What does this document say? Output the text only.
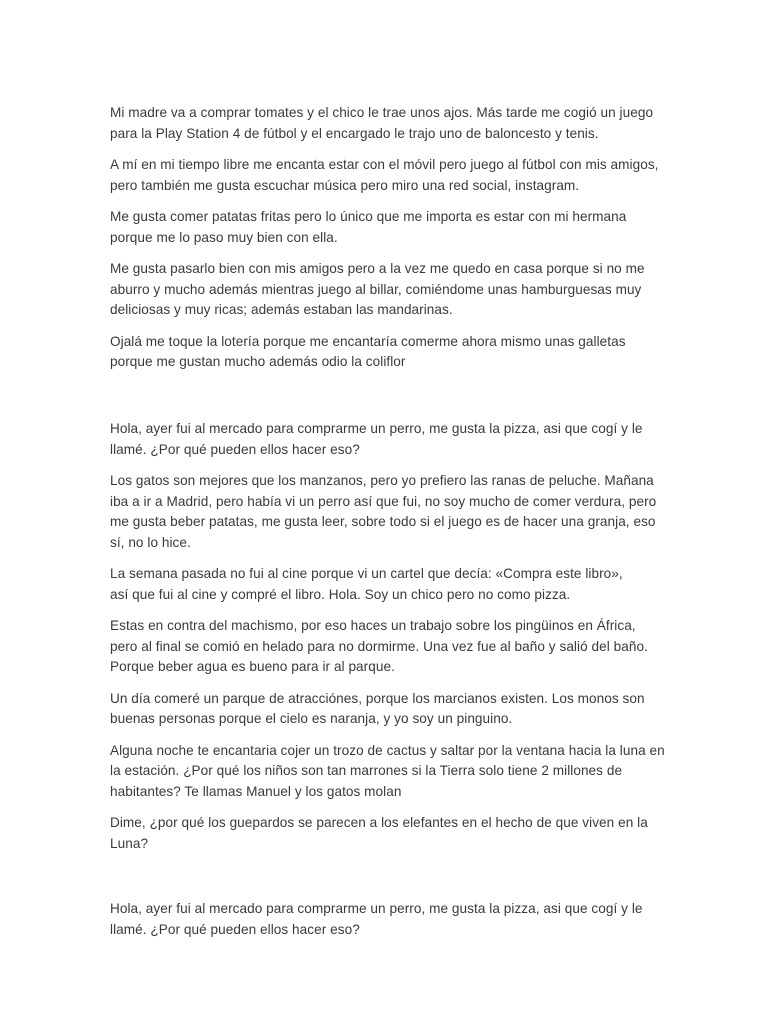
Mi madre va a comprar tomates y el chico le trae unos ajos. Más tarde me cogió un juego
para la Play Station 4 de fútbol y el encargado le trajo uno de baloncesto y tenis.

A mí en mi tiempo libre me encanta estar con el móvil pero juego al fútbol con mis amigos,
pero también me gusta escuchar música pero miro una red social, instagram.

Me gusta comer patatas fritas pero lo único que me importa es estar con mi hermana
porque me lo paso muy bien con ella.

Me gusta pasarlo bien con mis amigos pero a la vez me quedo en casa porque si no me
aburro y mucho además mientras juego al billar, comiéndome unas hamburguesas muy
deliciosas y muy ricas; además estaban las mandarinas.

Ojalá me toque la lotería porque me encantaría comerme ahora mismo unas galletas
porque me gustan mucho además odio la coliflor

Hola, ayer fui al mercado para comprarme un perro, me gusta la pizza, asi que cogí y le
llamé. ¿Por qué pueden ellos hacer eso?

Los gatos son mejores que los manzanos, pero yo prefiero las ranas de peluche. Mañana
iba a ir a Madrid, pero había vi un perro así que fui, no soy mucho de comer verdura, pero
me gusta beber patatas, me gusta leer, sobre todo si el juego es de hacer una granja, eso
sí, no lo hice.

La semana pasada no fui al cine porque vi un cartel que decía: «Compra este libro»,
así que fui al cine y compré el libro. Hola. Soy un chico pero no como pizza.

Estas en contra del machismo, por eso haces un trabajo sobre los pingüinos en África,
pero al final se comió en helado para no dormirme. Una vez fue al baño y salió del baño.
Porque beber agua es bueno para ir al parque.

Un día comeré un parque de atracciónes, porque los marcianos existen. Los monos son
buenas personas porque el cielo es naranja, y yo soy un pinguino.

Alguna noche te encantaria cojer un trozo de cactus y saltar por la ventana hacia la luna en
la estación. ¿Por qué los niños son tan marrones si la Tierra solo tiene 2 millones de
habitantes? Te llamas Manuel y los gatos molan

Dime, ¿por qué los guepardos se parecen a los elefantes en el hecho de que viven en la
Luna?

Hola, ayer fui al mercado para comprarme un perro, me gusta la pizza, asi que cogí y le
llamé. ¿Por qué pueden ellos hacer eso?
